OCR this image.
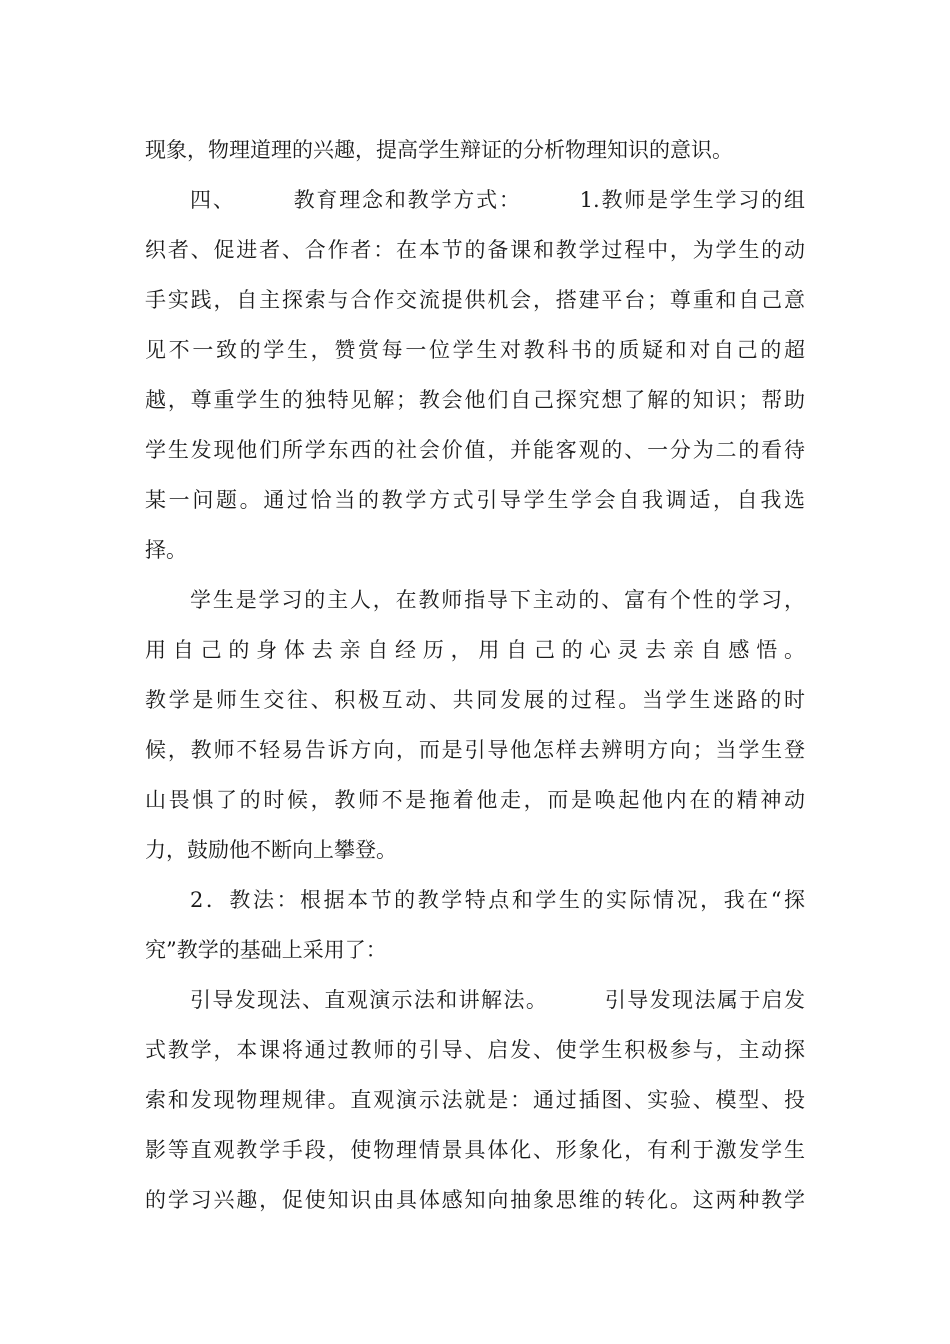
现象，物理道理的兴趣，提高学生辩证的分析物理知识的意识。
四、　　　教育理念和教学方式：　　　1.教师是学生学习的组
织者、促进者、合作者：在本节的备课和教学过程中，为学生的动
手实践，自主探索与合作交流提供机会，搭建平台；尊重和自己意
见不一致的学生，赞赏每一位学生对教科书的质疑和对自己的超
越，尊重学生的独特见解；教会他们自己探究想了解的知识；帮助
学生发现他们所学东西的社会价值，并能客观的、一分为二的看待
某一问题。通过恰当的教学方式引导学生学会自我调适，自我选
择。
学生是学习的主人，在教师指导下主动的、富有个性的学习，
用自己的身体去亲自经历，用自己的心灵去亲自感悟。
教学是师生交往、积极互动、共同发展的过程。当学生迷路的时
候，教师不轻易告诉方向，而是引导他怎样去辨明方向；当学生登
山畏惧了的时候，教师不是拖着他走，而是唤起他内在的精神动
力，鼓励他不断向上攀登。
2．教法：根据本节的教学特点和学生的实际情况，我在“探
究”教学的基础上采用了：
引导发现法、直观演示法和讲解法。　　　引导发现法属于启发
式教学，本课将通过教师的引导、启发、使学生积极参与，主动探
索和发现物理规律。直观演示法就是：通过插图、实验、模型、投
影等直观教学手段，使物理情景具体化、形象化，有利于激发学生
的学习兴趣，促使知识由具体感知向抽象思维的转化。这两种教学
